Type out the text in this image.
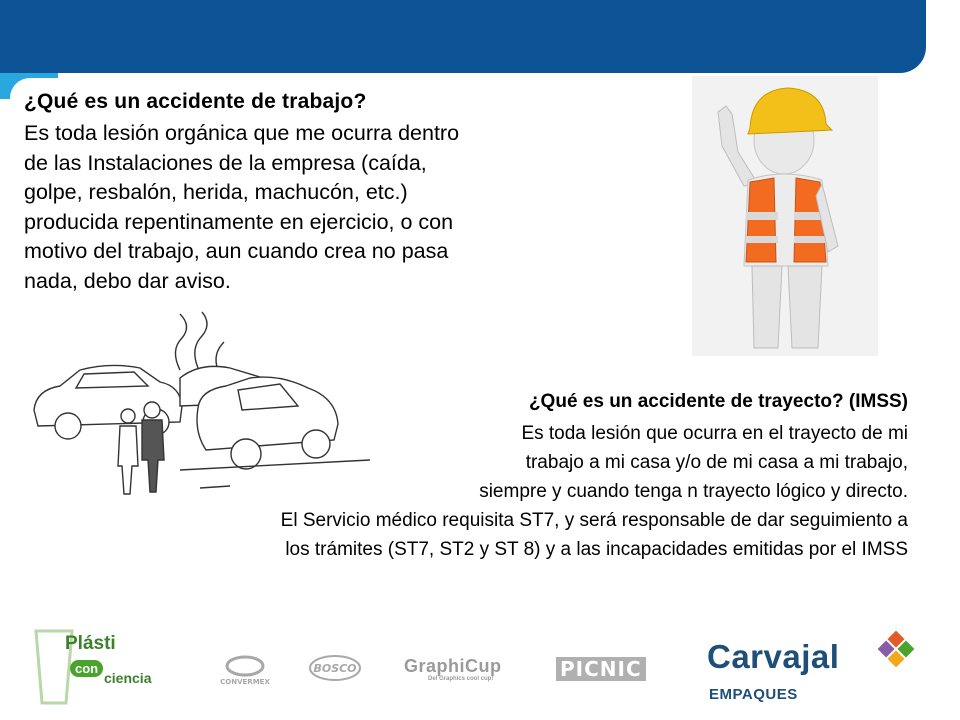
¿Qué es un accidente de trabajo?
Es toda lesión orgánica que me ocurra dentro
de las Instalaciones de la empresa (caída,
golpe, resbalón, herida, machucón, etc.)
producida repentinamente en ejercicio, o con
motivo del trabajo, aun cuando crea no pasa
nada, debo dar aviso.
¿Qué es un accidente de trayecto? (IMSS)
Es toda lesión que ocurra en el trayecto de mi
trabajo a mi casa y/o de mi casa a mi trabajo,
siempre y cuando tenga n trayecto lógico y directo.
El Servicio médico requisita ST7, y será responsable de dar seguimiento a
los trámites (ST7, ST2 y ST 8) y a las incapacidades emitidas por el IMSS
Plásti
con
ciencia	CONVERMEX
BOSCO	GraphiCup
Del Graphics cool cup!	PICNIC Carvajal
EMPAQUES
